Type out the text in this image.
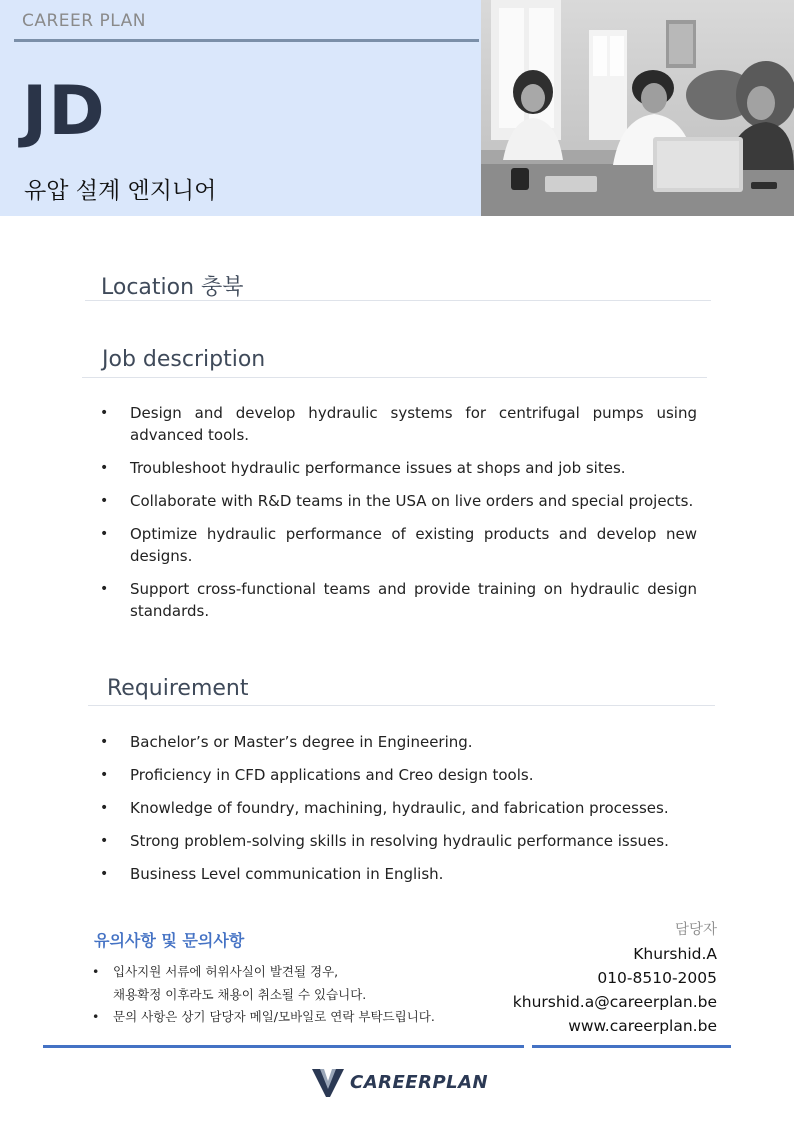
CAREER PLAN
JD
유압 설계 엔지니어
Location 충북
Job description
• Design and develop hydraulic systems for centrifugal pumps using advanced tools.
• Troubleshoot hydraulic performance issues at shops and job sites.
• Collaborate with R&D teams in the USA on live orders and special projects.
• Optimize hydraulic performance of existing products and develop new designs.
• Support cross-functional teams and provide training on hydraulic design standards.
Requirement
• Bachelor’s or Master’s degree in Engineering.
• Proficiency in CFD applications and Creo design tools.
• Knowledge of foundry, machining, hydraulic, and fabrication processes.
• Strong problem-solving skills in resolving hydraulic performance issues.
• Business Level communication in English.
유의사항 및 문의사항
• 입사지원 서류에 허위사실이 발견될 경우,
채용확정 이후라도 채용이 취소될 수 있습니다.
• 문의 사항은 상기 담당자 메일/모바일로 연락 부탁드립니다.
담당자
Khurshid.A
010-8510-2005
khurshid.a@careerplan.be
www.careerplan.be
CAREERPLAN
